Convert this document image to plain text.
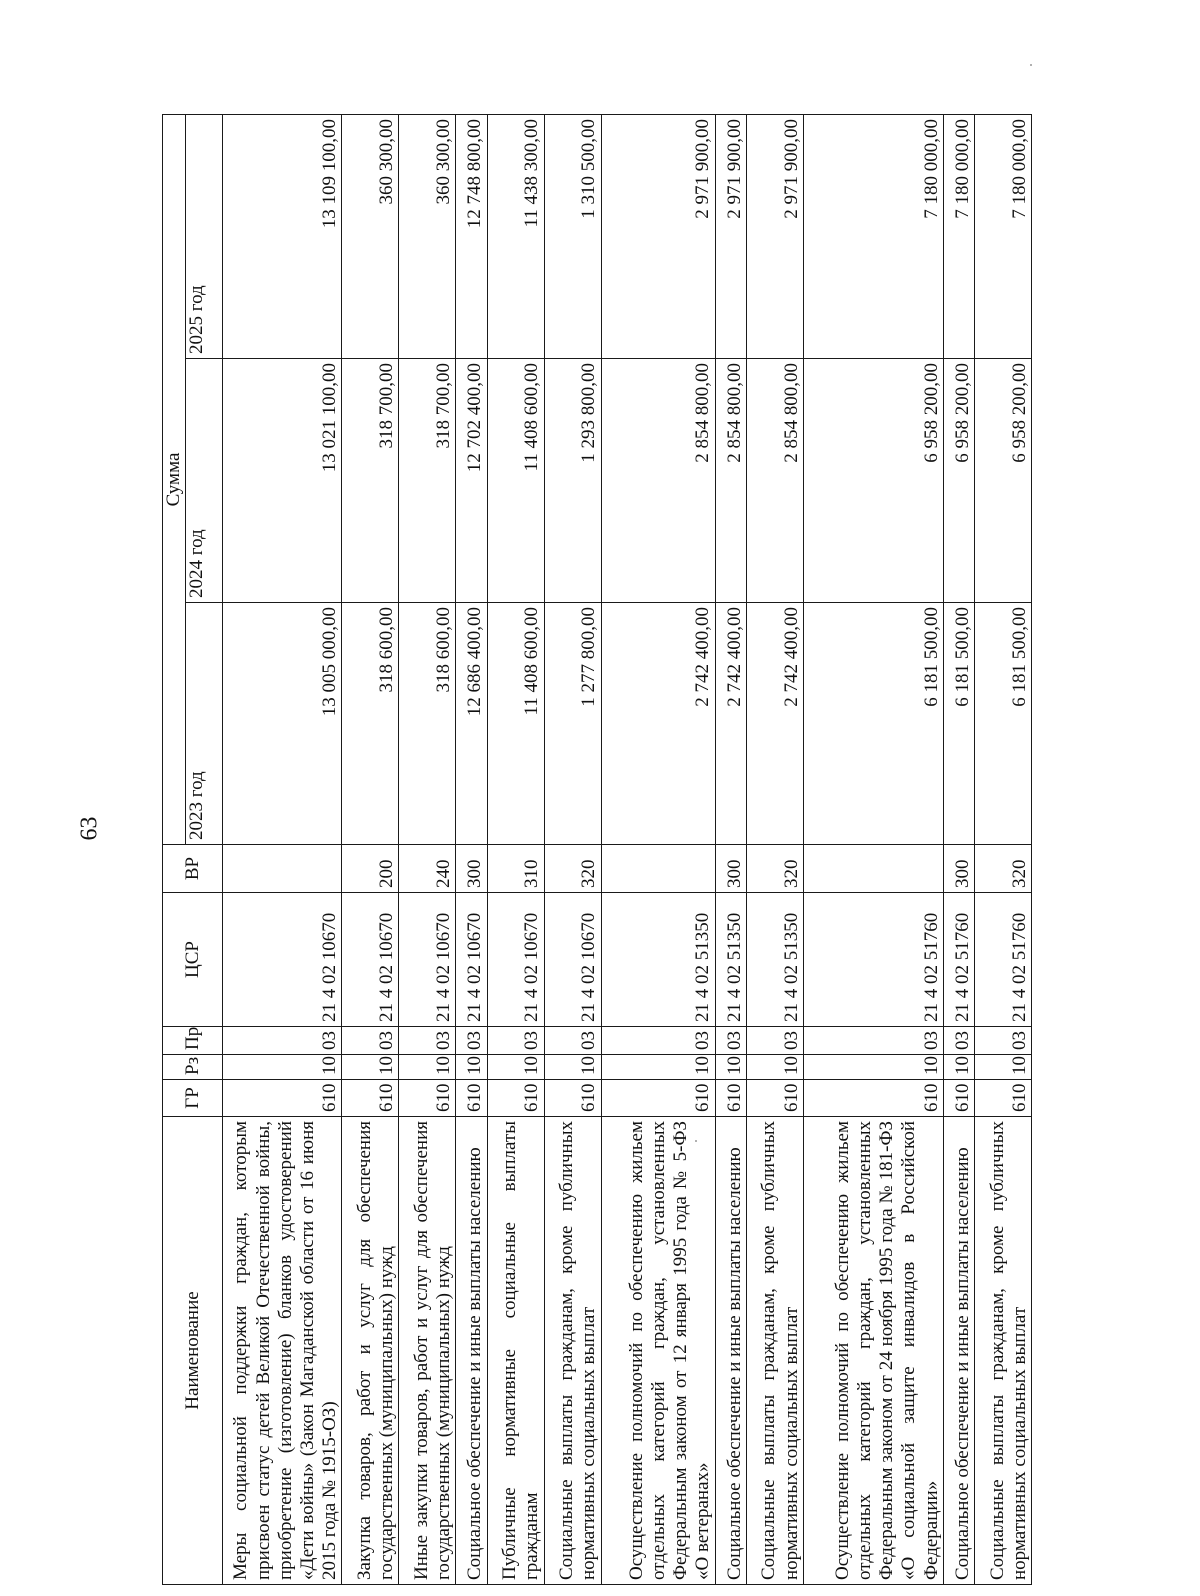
63
Наименование	ГР	Рз	Пр	ЦСР	ВР	Сумма		
						2023 год	2024 год	2025 год
Меры социальной поддержки граждан, которым присвоен статус детей Великой Отечественной войны, приобретение (изготовление) бланков удостоверений «Дети войны» (Закон Магаданской области от 16 июня 2015 года № 1915-ОЗ)	610	10	03	21 4 02 10670		13 005 000,00	13 021 100,00	13 109 100,00
Закупка товаров, работ и услуг для обеспечения государственных (муниципальных) нужд	610	10	03	21 4 02 10670	200	318 600,00	318 700,00	360 300,00
Иные закупки товаров, работ и услуг для обеспечения государственных (муниципальных) нужд	610	10	03	21 4 02 10670	240	318 600,00	318 700,00	360 300,00
Социальное обеспечение и иные выплаты населению	610	10	03	21 4 02 10670	300	12 686 400,00	12 702 400,00	12 748 800,00
Публичные нормативные социальные выплаты гражданам	610	10	03	21 4 02 10670	310	11 408 600,00	11 408 600,00	11 438 300,00
Социальные выплаты гражданам, кроме публичных нормативных социальных выплат	610	10	03	21 4 02 10670	320	1 277 800,00	1 293 800,00	1 310 500,00
Осуществление полномочий по обеспечению жильем отдельных категорий граждан, установленных Федеральным законом от 12 января 1995 года № 5-ФЗ «О ветеранах»	610	10	03	21 4 02 51350		2 742 400,00	2 854 800,00	2 971 900,00
Социальное обеспечение и иные выплаты населению	610	10	03	21 4 02 51350	300	2 742 400,00	2 854 800,00	2 971 900,00
Социальные выплаты гражданам, кроме публичных нормативных социальных выплат	610	10	03	21 4 02 51350	320	2 742 400,00	2 854 800,00	2 971 900,00
Осуществление полномочий по обеспечению жильем отдельных категорий граждан, установленных Федеральным законом от 24 ноября 1995 года № 181-ФЗ «О социальной защите инвалидов в Российской Федерации»	610	10	03	21 4 02 51760		6 181 500,00	6 958 200,00	7 180 000,00
Социальное обеспечение и иные выплаты населению	610	10	03	21 4 02 51760	300	6 181 500,00	6 958 200,00	7 180 000,00
Социальные выплаты гражданам, кроме публичных нормативных социальных выплат	610	10	03	21 4 02 51760	320	6 181 500,00	6 958 200,00	7 180 000,00
